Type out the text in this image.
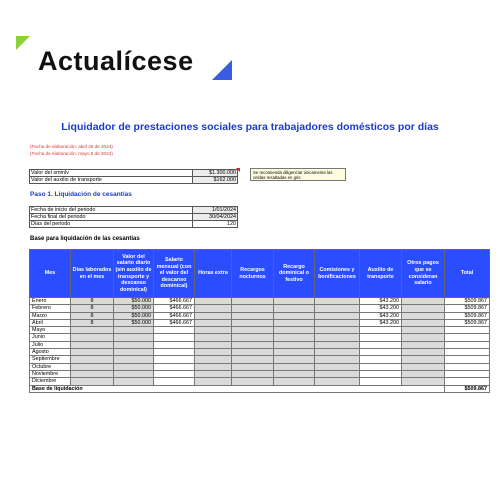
Actualícese
Liquidador de prestaciones sociales para trabajadores domésticos por días
(Fecha de elaboración: abril 26 de 2024)
(Fecha de elaboración: mayo 6 de 2024)
Valor del smmlv	$1.300.000
Valor del auxilio de transporte	$162.000
Se recomienda diligenciar únicamente las celdas resaltadas en gris
Paso 1. Liquidación de cesantías
Fecha de inicio del periodo	1/01/2024
Fecha final del periodo	30/04/2024
Días del periodo	120
Base para liquidación de las cesantías
Mes	Días laborados en el mes	Valor del salario diario (sin auxilio de transporte y descanso dominical)	Salario mensual (con el valor del descanso dominical)	Horas extra	Recargos nocturnos	Recargo dominical o festivo	Comisiones y bonificaciones	Auxilio de transporte	Otros pagos que se consideran salario	Total
Enero	8	$50.000	$466.667					$43.200		$509.867
Febrero	8	$50.000	$466.667					$43.200		$509.867
Marzo	8	$50.000	$466.667					$43.200		$509.867
Abril	8	$50.000	$466.667					$43.200		$509.867
Mayo										
Junio										
Julio										
Agosto										
Septiembre										
Octubre										
Noviembre										
Diciembre										
Base de liquidación										$509.867
